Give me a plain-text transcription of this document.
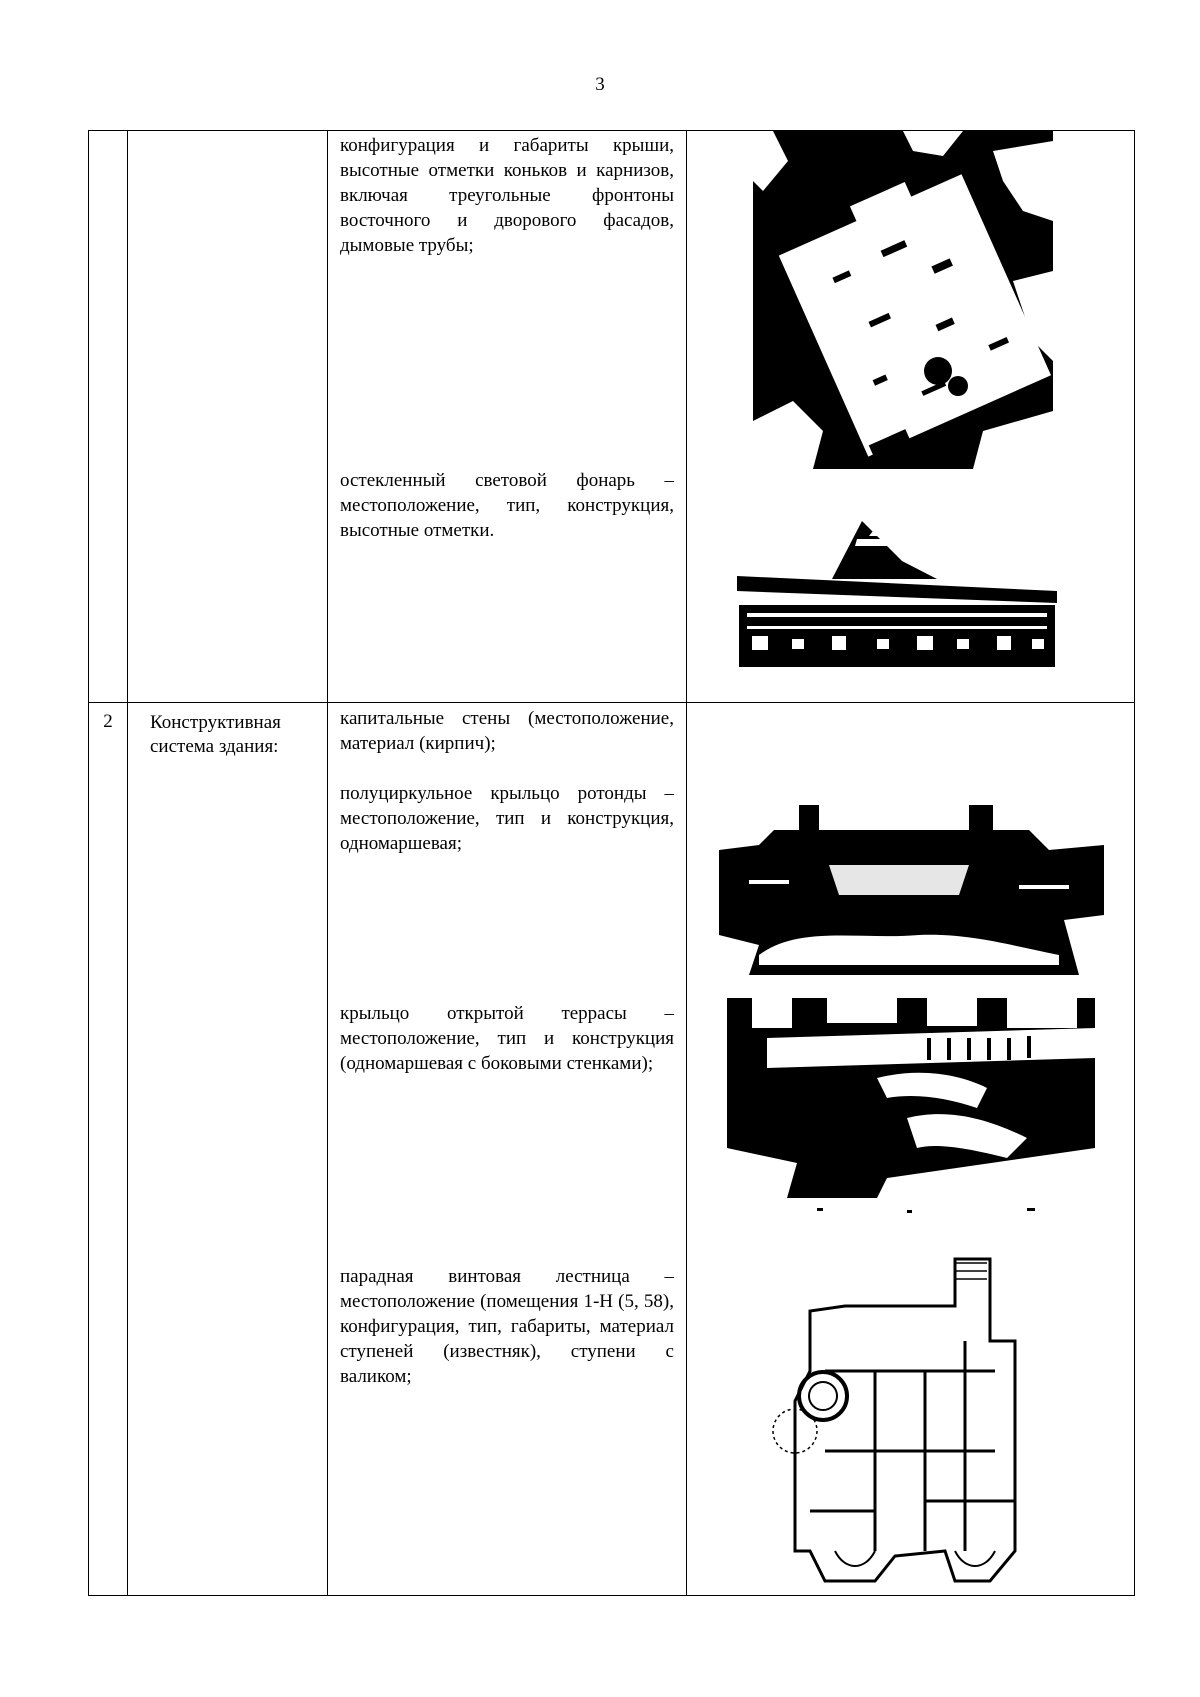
3

		конфигурация и габариты крыши, высотные отметки коньков и карнизов, включая треугольные фронтоны восточного и дворового фасадов, дымовые трубы;

остекленный световой фонарь – местоположение, тип, конструкция, высотные отметки.

2	Конструктивная система здания:	капитальные стены (местоположение, материал (кирпич);

полуциркульное крыльцо ротонды – местоположение, тип и конструкция, одномаршевая;

крыльцо открытой террасы – местоположение, тип и конструкция (одномаршевая с боковыми стенками);

парадная винтовая лестница – местоположение (помещения 1-Н (5, 58), конфигурация, тип, габариты, материал ступеней (известняк), ступени с валиком;
